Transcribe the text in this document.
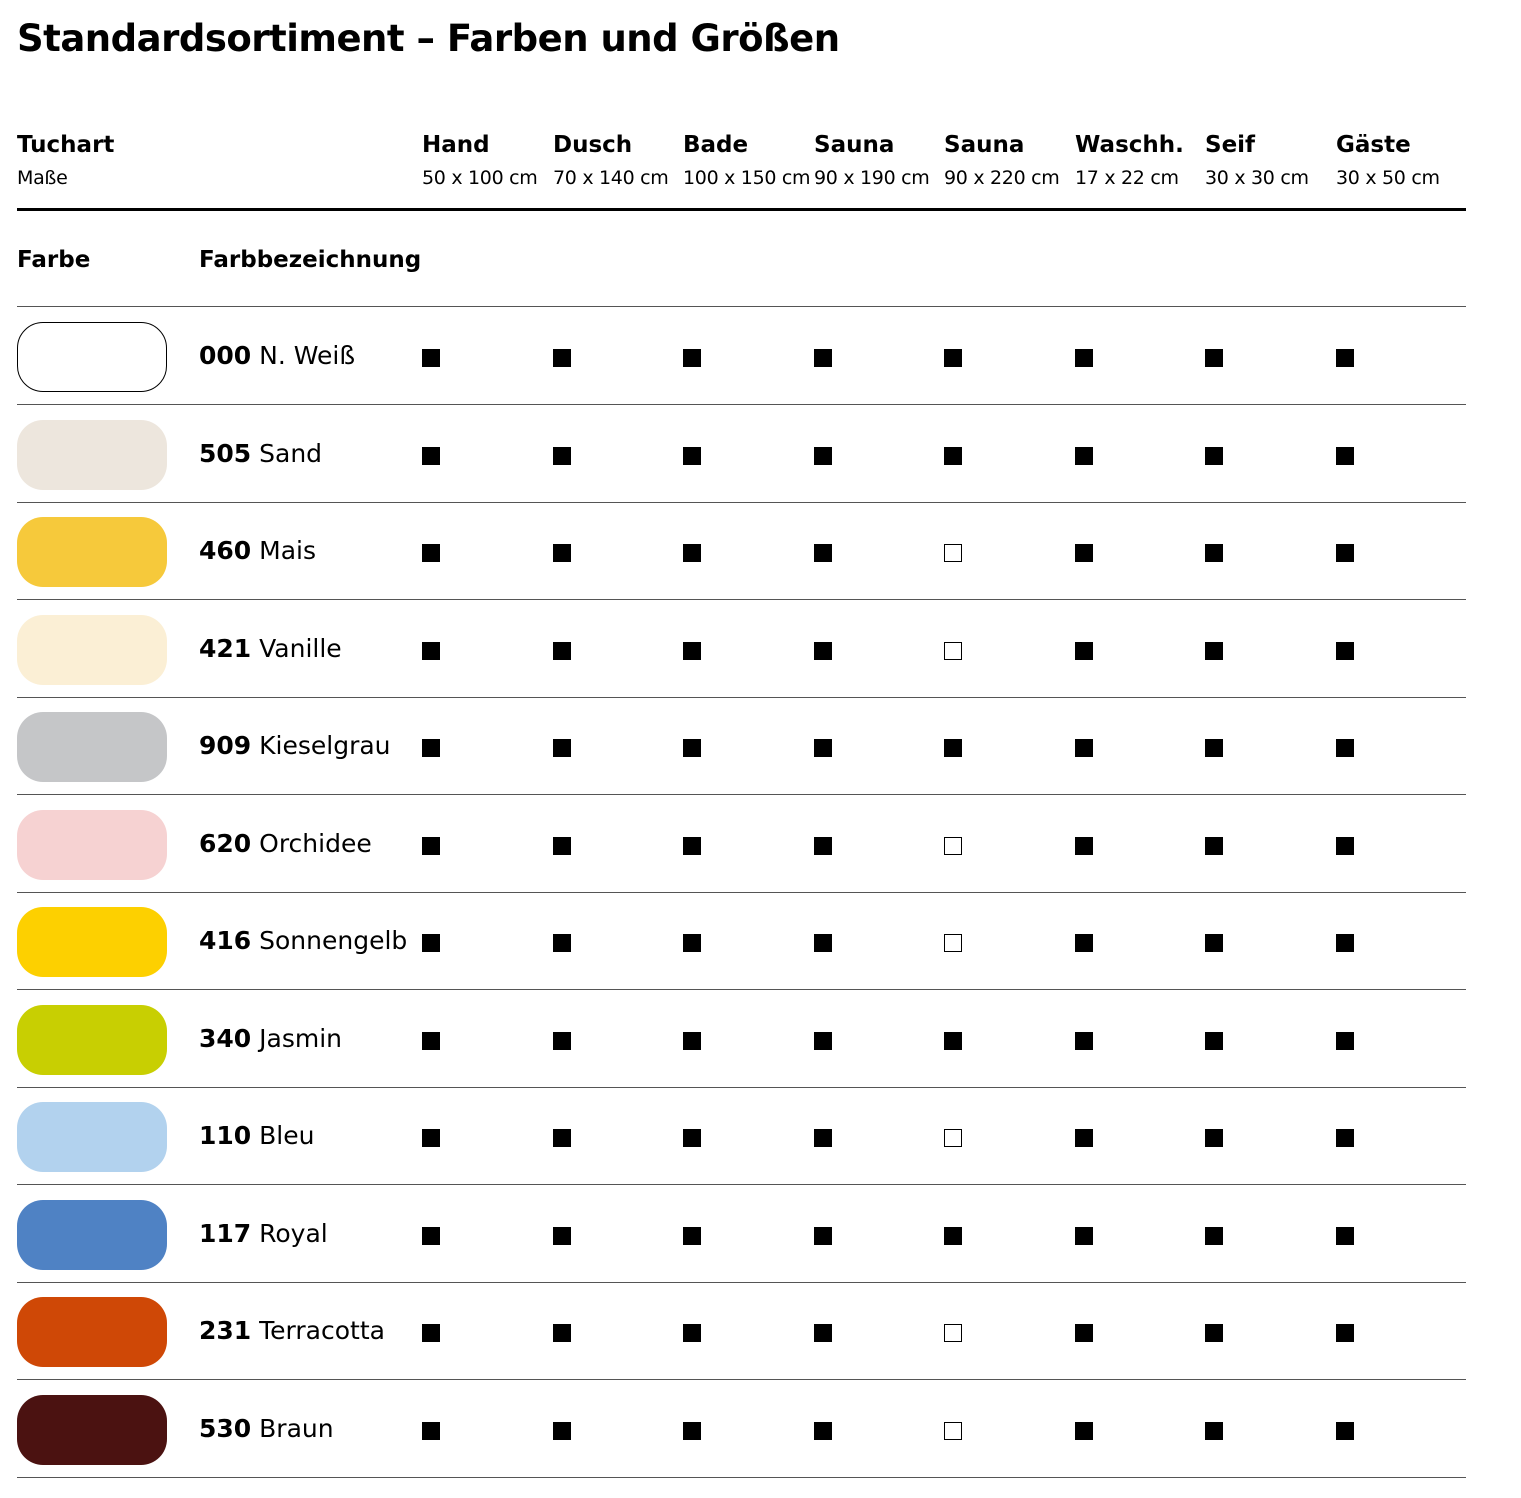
Standardsortiment – Farben und Größen
Tuchart
Maße
Hand
50 x 100 cm
Dusch
70 x 140 cm
Bade
100 x 150 cm
Sauna
90 x 190 cm
Sauna
90 x 220 cm
Waschh.
17 x 22 cm
Seif
30 x 30 cm
Gäste
30 x 50 cm
Farbe	Farbbezeichnung
000 N. Weiß
505 Sand
460 Mais
421 Vanille
909 Kieselgrau
620 Orchidee
416 Sonnengelb
340 Jasmin
110 Bleu
117 Royal
231 Terracotta
530 Braun
